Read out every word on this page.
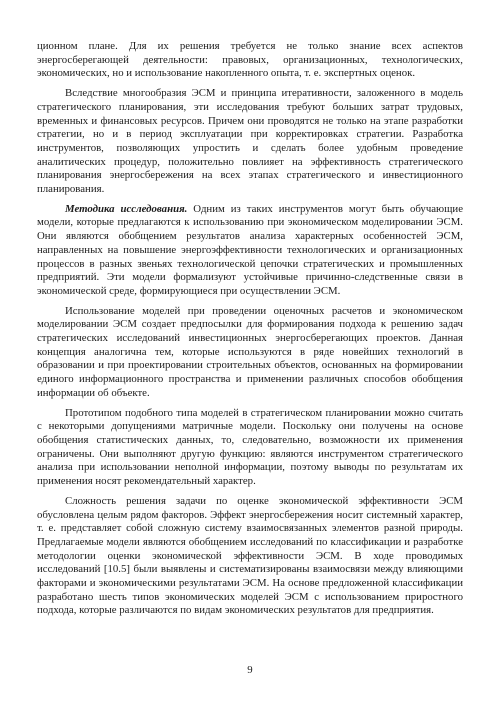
ционном плане. Для их решения требуется не только знание всех аспектов энергосберегающей деятельности: правовых, организационных, технологических, экономических, но и использование накопленного опыта, т. е. экспертных оценок.

Вследствие многообразия ЭСМ и принципа итеративности, заложенного в модель стратегического планирования, эти исследования требуют больших затрат трудовых, временных и финансовых ресурсов. Причем они проводятся не только на этапе разработки стратегии, но и в период эксплуатации при корректировках стратегии. Разработка инструментов, позволяющих упростить и сделать более удобным проведение аналитических процедур, положительно повлияет на эффективность стратегического планирования энергосбережения на всех этапах стратегического и инвестиционного планирования.

Методика исследования. Одним из таких инструментов могут быть обучающие модели, которые предлагаются к использованию при экономическом моделировании ЭСМ. Они являются обобщением результатов анализа характерных особенностей ЭСМ, направленных на повышение энергоэффективности технологических и организационных процессов в разных звеньях технологической цепочки стратегических и промышленных предприятий. Эти модели формализуют устойчивые причинно-следственные связи в экономической среде, формирующиеся при осуществлении ЭСМ.

Использование моделей при проведении оценочных расчетов и экономическом моделировании ЭСМ создает предпосылки для формирования подхода к решению задач стратегических исследований инвестиционных энергосберегающих проектов. Данная концепция аналогична тем, которые используются в ряде новейших технологий в образовании и при проектировании строительных объектов, основанных на формировании единого информационного пространства и применении различных способов обобщения информации об объекте.

Прототипом подобного типа моделей в стратегическом планировании можно считать с некоторыми допущениями матричные модели. Поскольку они получены на основе обобщения статистических данных, то, следовательно, возможности их применения ограничены. Они выполняют другую функцию: являются инструментом стратегического анализа при использовании неполной информации, поэтому выводы по результатам их применения носят рекомендательный характер.

Сложность решения задачи по оценке экономической эффективности ЭСМ обусловлена целым рядом факторов. Эффект энергосбережения носит системный характер, т. е. представляет собой сложную систему взаимосвязанных элементов разной природы. Предлагаемые модели являются обобщением исследований по классификации и разработке методологии оценки экономической эффективности ЭСМ. В ходе проводимых исследований [10.5] были выявлены и систематизированы взаимосвязи между влияющими факторами и экономическими результатами ЭСМ. На основе предложенной классификации разработано шесть типов экономических моделей ЭСМ с использованием прироcтного подхода, которые различаются по видам экономических результатов для предприятия.

9
